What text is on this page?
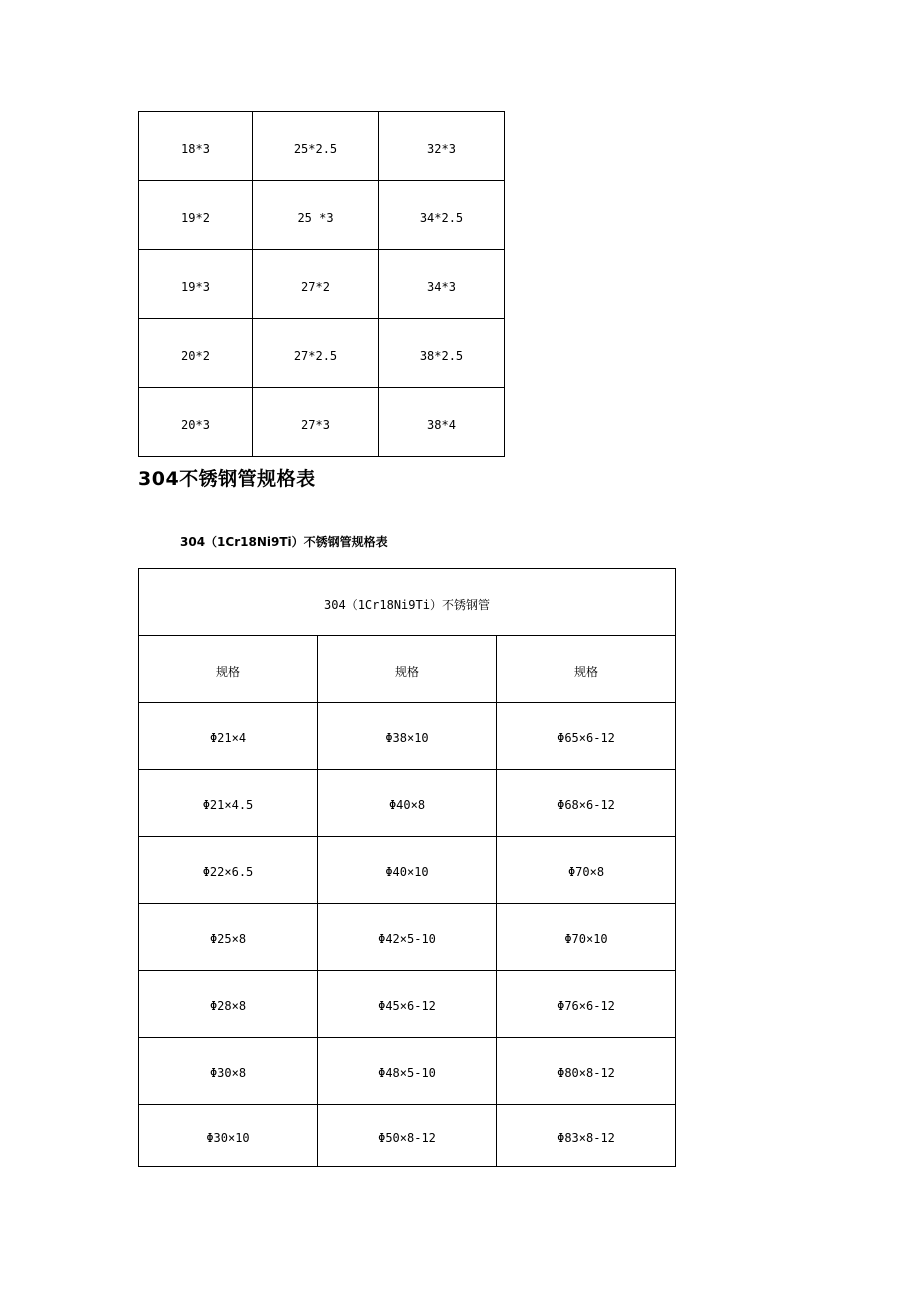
18*3	25*2.5	32*3
19*2	25 *3	34*2.5
19*3	27*2	34*3
20*2	27*2.5	38*2.5
20*3	27*3	38*4
304不锈钢管规格表

304（1Cr18Ni9Ti）不锈钢管规格表

304（1Cr18Ni9Ti）不锈钢管		
规格	规格	规格
Φ21×4	Φ38×10	Φ65×6-12
Φ21×4.5	Φ40×8	Φ68×6-12
Φ22×6.5	Φ40×10	Φ70×8
Φ25×8	Φ42×5-10	Φ70×10
Φ28×8	Φ45×6-12	Φ76×6-12
Φ30×8	Φ48×5-10	Φ80×8-12
Φ30×10	Φ50×8-12	Φ83×8-12
